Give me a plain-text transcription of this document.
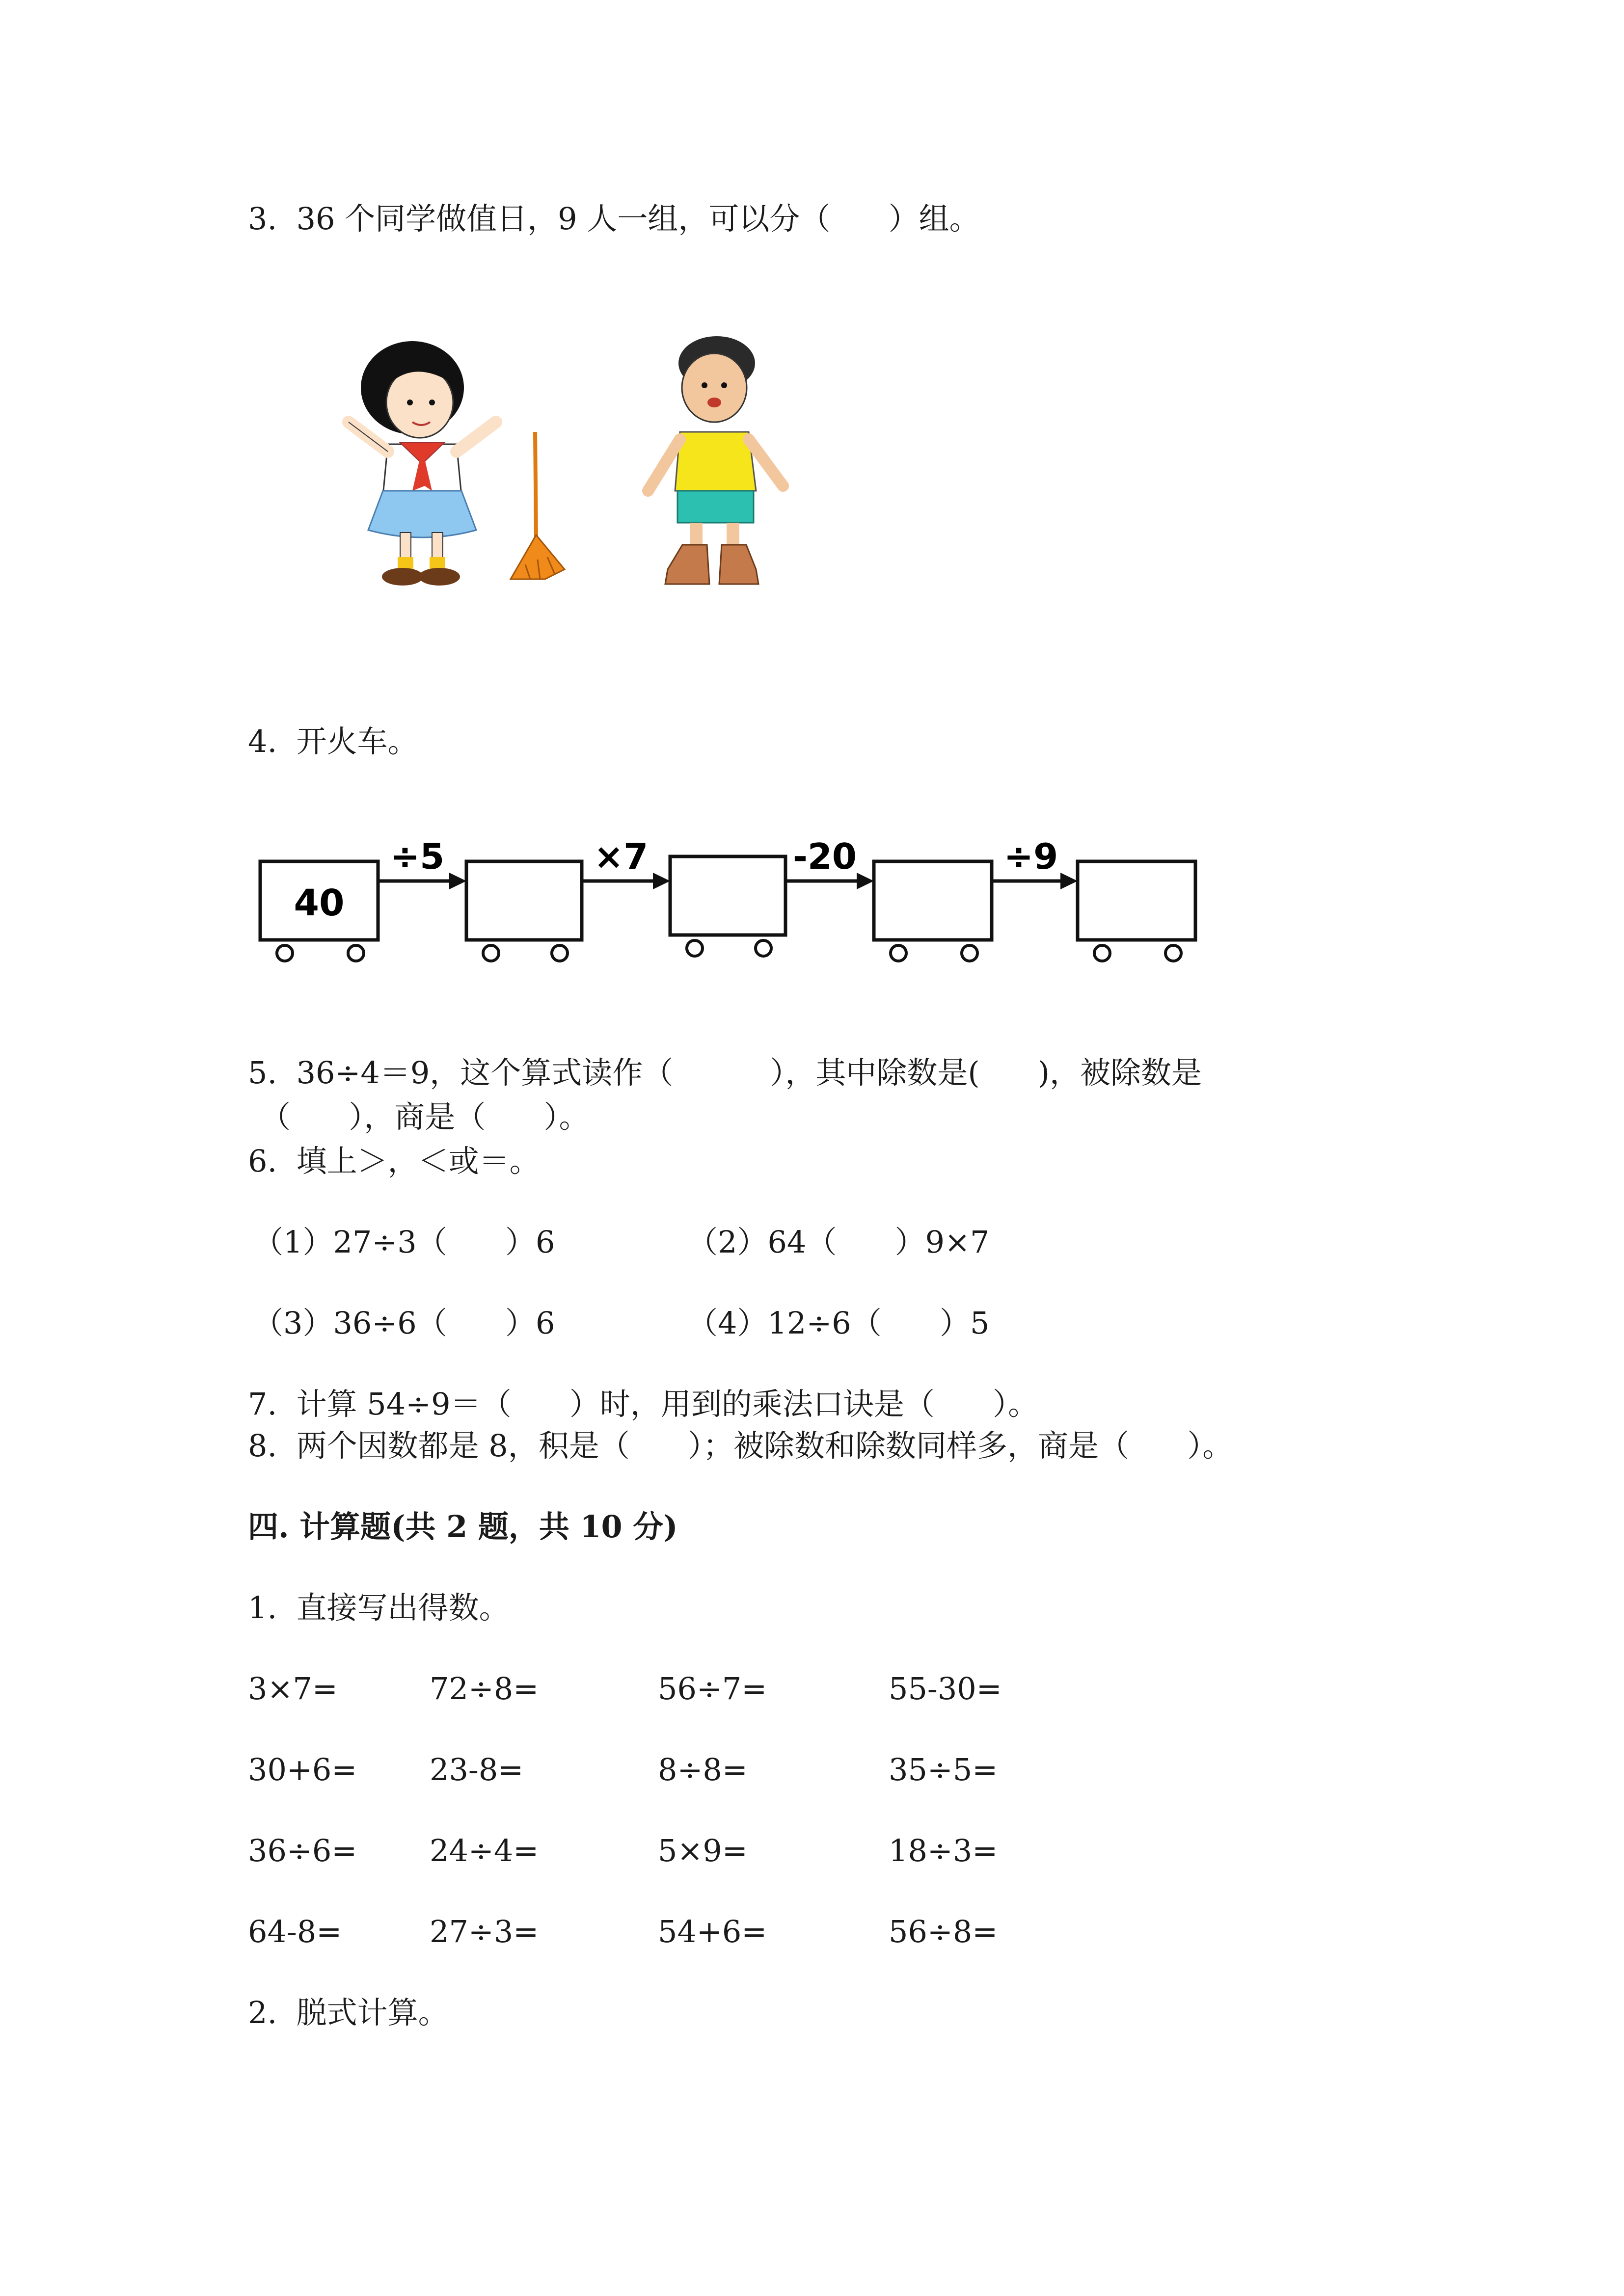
3.  36 个同学做值日，9 人一组，可以分（      ）组。
4.  开火车。
40
÷5	×7	-20	÷9
5.  36÷4＝9，这个算式读作（          ），其中除数是(      )，被除数是
（      ），商是（      ）。
6.  填上＞，＜或＝。
（1）27÷3（      ）6	（2）64（      ）9×7
（3）36÷6（      ）6	（4）12÷6（      ）5
7.  计算 54÷9＝（      ）时，用到的乘法口诀是（      ）。
8.  两个因数都是 8，积是（      ）；被除数和除数同样多，商是（      ）。
四. 计算题(共 2 题，共 10 分)
1.  直接写出得数。
3×7=	72÷8=	56÷7=	55-30=
30+6= 23-8=	8÷8=	35÷5=
36÷6= 24÷4=	5×9=	18÷3=
64-8=	27÷3=	54+6=	56÷8=
2.  脱式计算。
